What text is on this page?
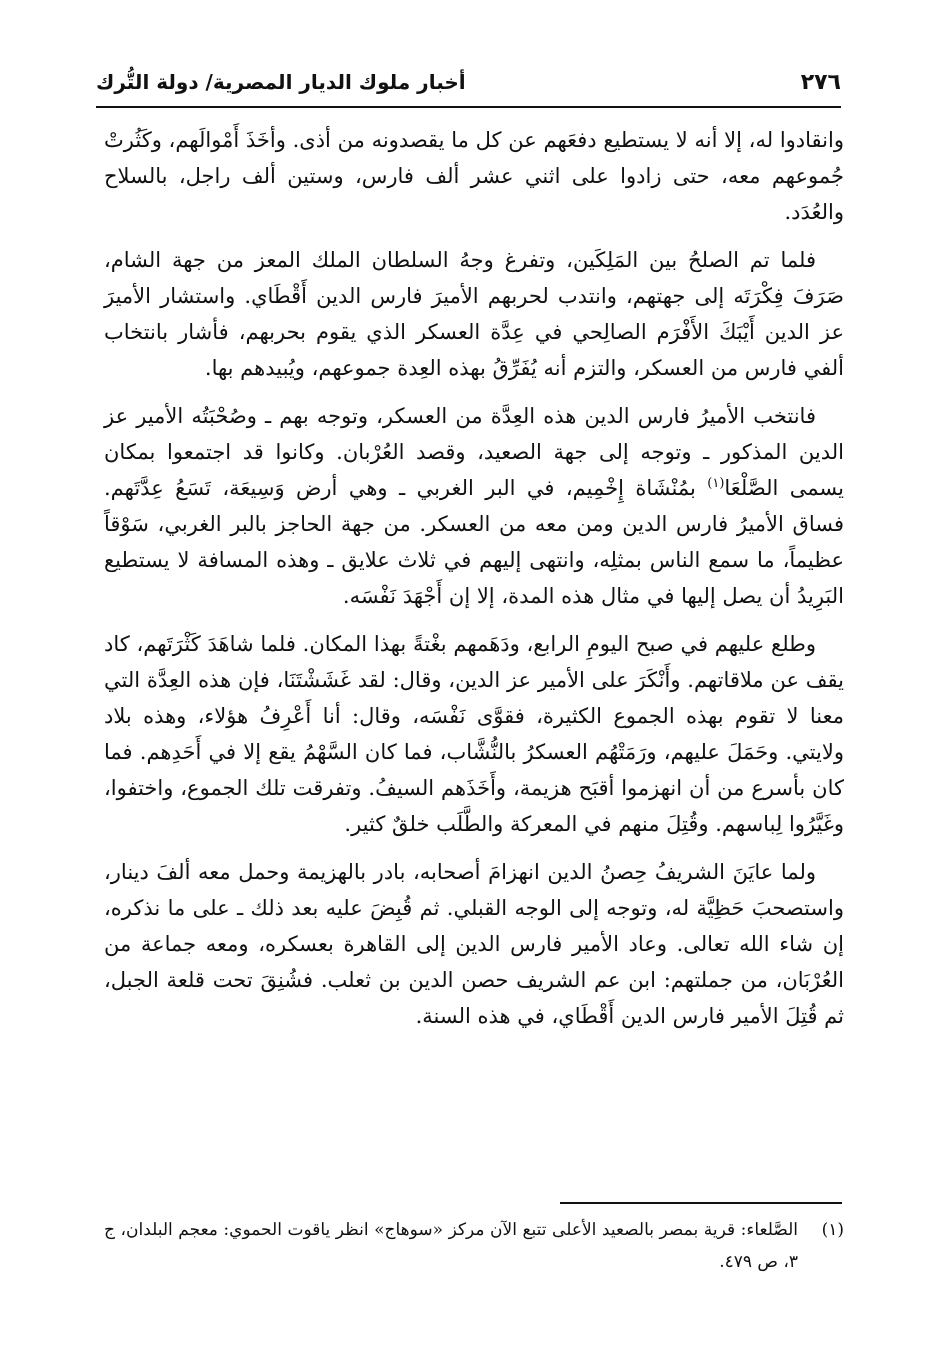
٢٧٦
أخبار ملوك الديار المصرية/ دولة التُّرك

وانقادوا له، إلا أنه لا يستطيع دفعَهم عن كل ما يقصدونه من أذى. وأخَذَ أَمْوالَهم، وكَثُرتْ جُموعهم معه، حتى زادوا على اثني عشر ألف فارس، وستين ألف راجل، بالسلاح والعُدَد.

فلما تم الصلحُ بين المَلِكَين، وتفرغ وجهُ السلطان الملك المعز من جهة الشام، صَرَفَ فِكْرَتَه إلى جهتهم، وانتدب لحربهم الأميرَ فارس الدين أَقْطَاي. واستشار الأميرَ عز الدين أَيْبَكَ الأَفْرَم الصالِحي في عِدَّة العسكر الذي يقوم بحربهم، فأشار بانتخاب ألفي فارس من العسكر، والتزم أنه يُفَرِّقُ بهذه العِدة جموعهم، ويُبيدهم بها.

فانتخب الأميرُ فارس الدين هذه العِدَّة من العسكر، وتوجه بهم ـ وصُحْبَتُه الأمير عز الدين المذكور ـ وتوجه إلى جهة الصعيد، وقصد العُرْبان. وكانوا قد اجتمعوا بمكان يسمى الصَّلْعَا$^{(١)}$ بمُنْشَاة إِخْمِيم، في البر الغربي ـ وهي أرض وَسِيعَة، تَسَعُ عِدَّتَهم. فساق الأميرُ فارس الدين ومن معه من العسكر. من جهة الحاجز بالبر الغربي، سَوْقاً عظيماً، ما سمع الناس بمثلِه، وانتهى إليهم في ثلاث علايق ـ وهذه المسافة لا يستطيع البَرِيدُ أن يصل إليها في مثال هذه المدة، إلا إن أَجْهَدَ نَفْسَه.

وطلع عليهم في صبح اليومِ الرابع، ودَهَمهم بغْتةً بهذا المكان. فلما شاهَدَ كَثْرَتَهم، كاد يقف عن ملاقاتهم. وأَنْكَرَ على الأمير عز الدين، وقال: لقد غَشَشْتَنَا، فإن هذه العِدَّة التي معنا لا تقوم بهذه الجموع الكثيرة، فقوَّى نَفْسَه، وقال: أنا أَعْرِفُ هؤلاء، وهذه بلاد ولايتي. وحَمَلَ عليهم، ورَمَتْهُم العسكرُ بالنُّشَّاب، فما كان السَّهْمُ يقع إلا في أَحَدِهم. فما كان بأسرع من أن انهزموا أقبَح هزيمة، وأَخَذَهم السيفُ. وتفرقت تلك الجموع، واختفوا، وغَيَّرُوا لِباسهم. وقُتِلَ منهم في المعركة والطَّلَب خلقٌ كثير.

ولما عايَنَ الشريفُ حِصنُ الدين انهزامَ أصحابه، بادر بالهزيمة وحمل معه ألفَ دينار، واستصحبَ حَظِيَّة له، وتوجه إلى الوجه القبلي. ثم قُبِضَ عليه بعد ذلك ـ على ما نذكره، إن شاء الله تعالى. وعاد الأمير فارس الدين إلى القاهرة بعسكره، ومعه جماعة من العُرْبَان، من جملتهم: ابن عم الشريف حصن الدين بن ثعلب. فشُنِقَ تحت قلعة الجبل، ثم قُتِلَ الأمير فارس الدين أَقْطَاي، في هذه السنة.

(١)
الصَّلعاء: قرية بمصر بالصعيد الأعلى تتبع الآن مركز «سوهاج» انظر ياقوت الحموي: معجم البلدان، ج ٣، ص ٤٧٩.
